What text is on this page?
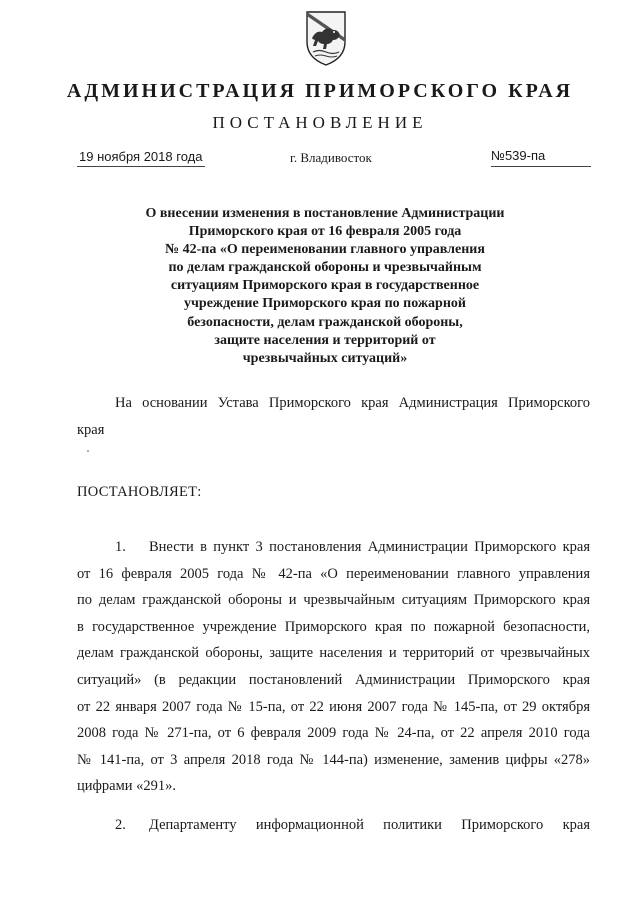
АДМИНИСТРАЦИЯ ПРИМОРСКОГО КРАЯ
ПОСТАНОВЛЕНИЕ
19 ноября 2018 года	г. Владивосток	№539-па
О внесении изменения в постановление Администрации
Приморского края от 16 февраля 2005 года
№ 42-па «О переименовании главного управления
по делам гражданской обороны и чрезвычайным
ситуациям Приморского края в государственное
учреждение Приморского края по пожарной
безопасности, делам гражданской обороны,
защите населения и территорий от
чрезвычайных ситуаций»
На основании Устава Приморского края Администрация Приморского
края
ПОСТАНОВЛЯЕТ:
1. Внести в пункт 3 постановления Администрации Приморского края
от 16 февраля 2005 года № 42-па «О переименовании главного управления
по делам гражданской обороны и чрезвычайным ситуациям Приморского края
в государственное учреждение Приморского края по пожарной безопасности,
делам гражданской обороны, защите населения и территорий от чрезвычайных
ситуаций» (в редакции постановлений Администрации Приморского края
от 22 января 2007 года № 15-па, от 22 июня 2007 года № 145-па, от 29 октября
2008 года № 271-па, от 6 февраля 2009 года № 24-па, от 22 апреля 2010 года
№ 141-па, от 3 апреля 2018 года № 144-па) изменение, заменив цифры «278»
цифрами «291».
2. Департаменту информационной политики Приморского края
